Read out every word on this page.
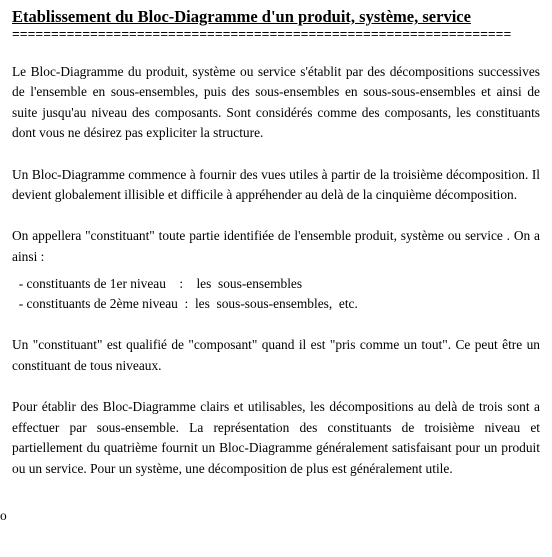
Etablissement du Bloc-Diagramme d'un produit, système, service
================================================================

Le Bloc-Diagramme du produit, système ou service s'établit par des décompositions successives de l'ensemble en sous-ensembles, puis des sous-ensembles en sous-sous-ensembles et ainsi de suite jusqu'au niveau des composants. Sont considérés comme des composants, les constituants dont vous ne désirez pas expliciter la structure.

Un Bloc-Diagramme commence à fournir des vues utiles à partir de la troisième décomposition. Il devient globalement illisible et difficile à appréhender au delà de la cinquième décomposition.

On appellera "constituant" toute partie identifiée de l'ensemble produit, système ou service . On a ainsi :

- constituants de 1er niveau    :    les  sous-ensembles

- constituants de 2ème niveau  :  les  sous-sous-ensembles,  etc.

Un "constituant" est qualifié de "composant" quand il est "pris comme un tout". Ce peut être un constituant de tous niveaux.

Pour établir des Bloc-Diagramme clairs et utilisables, les décompositions au delà de trois sont a effectuer par sous-ensemble. La représentation des constituants de troisième niveau et partiellement du quatrième fournit un Bloc-Diagramme généralement satisfaisant pour un produit ou un service. Pour un système, une décomposition de plus est généralement utile.

o
